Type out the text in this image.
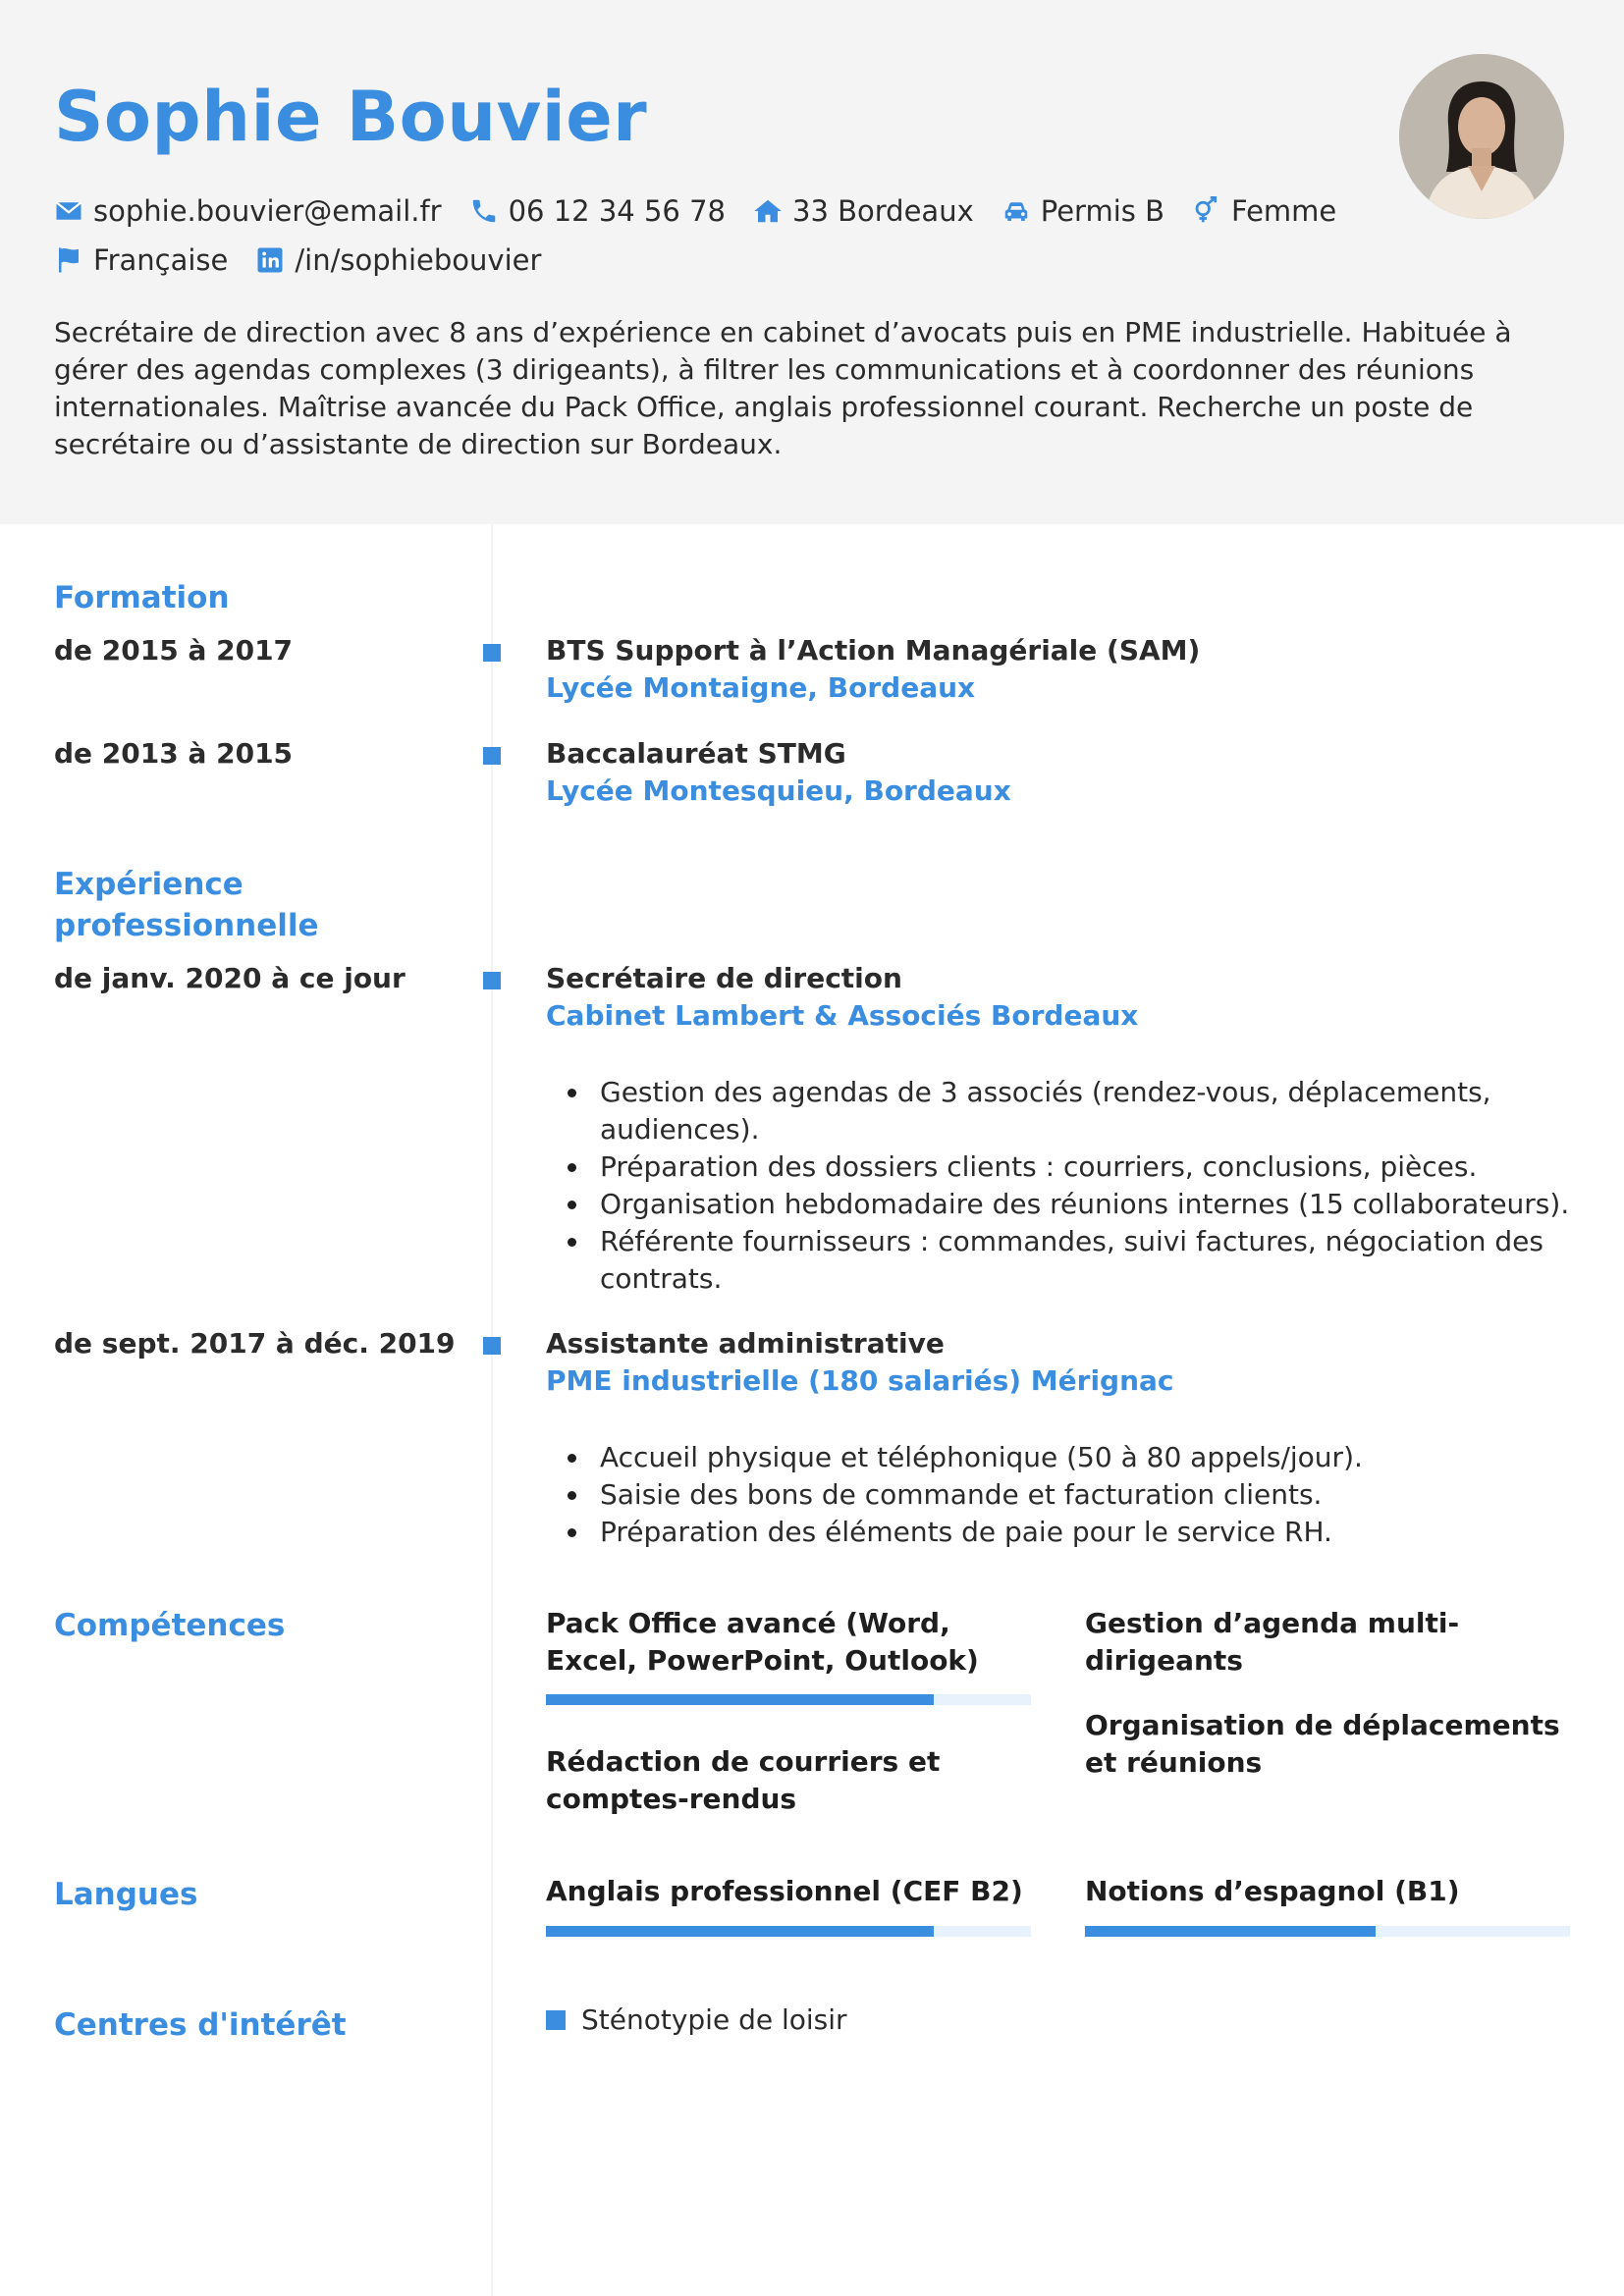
Sophie Bouvier
sophie.bouvier@email.fr 06 12 34 56 78 33 Bordeaux Permis B Femme
Française /in/sophiebouvier

Secrétaire de direction avec 8 ans d’expérience en cabinet d’avocats puis en PME industrielle. Habituée à gérer des agendas complexes (3 dirigeants), à filtrer les communications et à coordonner des réunions internationales. Maîtrise avancée du Pack Office, anglais professionnel courant. Recherche un poste de secrétaire ou d’assistante de direction sur Bordeaux.

Formation
de 2015 à 2017	BTS Support à l’Action Managériale (SAM)
Lycée Montaigne, Bordeaux
de 2013 à 2015	Baccalauréat STMG
Lycée Montesquieu, Bordeaux
Expérience
professionnelle
de janv. 2020 à ce jour	Secrétaire de direction
Cabinet Lambert & Associés Bordeaux
Gestion des agendas de 3 associés (rendez-vous, déplacements, audiences).
Préparation des dossiers clients : courriers, conclusions, pièces.
Organisation hebdomadaire des réunions internes (15 collaborateurs).
Référente fournisseurs : commandes, suivi factures, négociation des contrats.
de sept. 2017 à déc. 2019	Assistante administrative
PME industrielle (180 salariés) Mérignac
Accueil physique et téléphonique (50 à 80 appels/jour).
Saisie des bons de commande et facturation clients.
Préparation des éléments de paie pour le service RH.
Compétences	Pack Office avancé (Word, Excel, PowerPoint, Outlook)
Gestion d’agenda multi-dirigeants
Rédaction de courriers et comptes-rendus
Organisation de déplacements et réunions
Langues	Anglais professionnel (CEF B2)	Notions d’espagnol (B1)
Centres d'intérêt	Sténotypie de loisir
